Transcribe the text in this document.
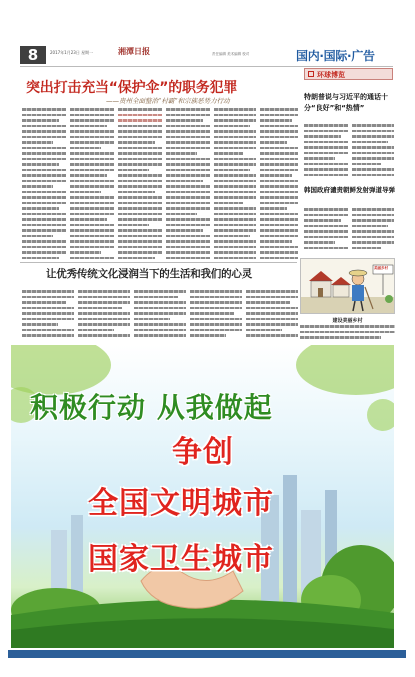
8	2017年1月23日 星期一	湘潭日报	责任编辑 美术编辑 校对	国内·国际·广告
突出打击充当“保护伞”的职务犯罪
——贵州全面整治“村霸”和宗族恶势力行动
环球博览
特朗普说与习近平的通话十分“良好”和“热情”
韩国政府谴责朝鲜发射弹道导弹
美丽乡村
建设美丽乡村
让优秀传统文化浸润当下的生活和我们的心灵
积极行动 从我做起
争创
全国文明城市
国家卫生城市
